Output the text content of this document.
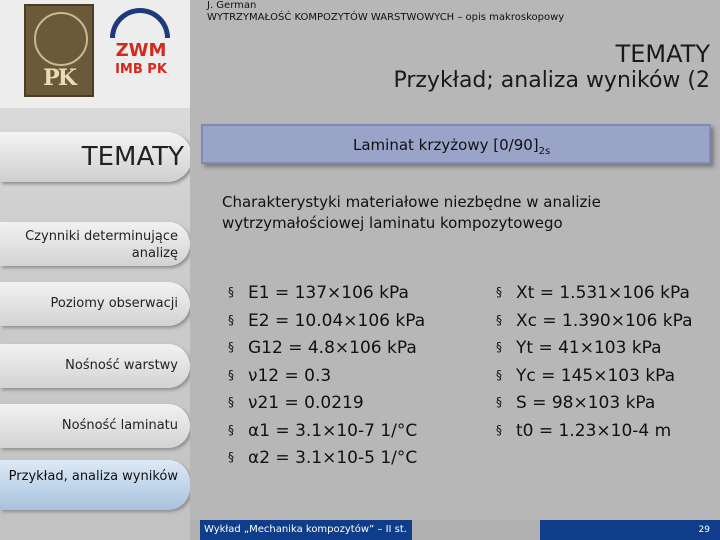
PK
ZWM
IMB PK
TEMATY
Czynniki determinujące analizę
Poziomy obserwacji
Nośność warstwy
Nośność laminatu
Przykład, analiza wyników
J. German
WYTRZYMAŁOŚĆ KOMPOZYTÓW WARSTWOWYCH – opis makroskopowy
TEMATY
Przykład; analiza wyników (2
Laminat krzyżowy $[0/90]_{2s}$
Charakterystyki materiałowe niezbędne w analizie wytrzymałościowej laminatu kompozytowego
§ E1 = 137×106 kPa
§ E2 = 10.04×106 kPa
§ G12 = 4.8×106 kPa
§ ν12 = 0.3
§ ν21 = 0.0219
§ α1 = 3.1×10-7 1/°C
§ α2 = 3.1×10-5 1/°C
§ Xt = 1.531×106 kPa
§ Xc = 1.390×106 kPa
§ Yt = 41×103 kPa
§ Yc = 145×103 kPa
§ S = 98×103 kPa
§ t0 = 1.23×10-4 m
Wykład „Mechanika kompozytów” – II st.	29
